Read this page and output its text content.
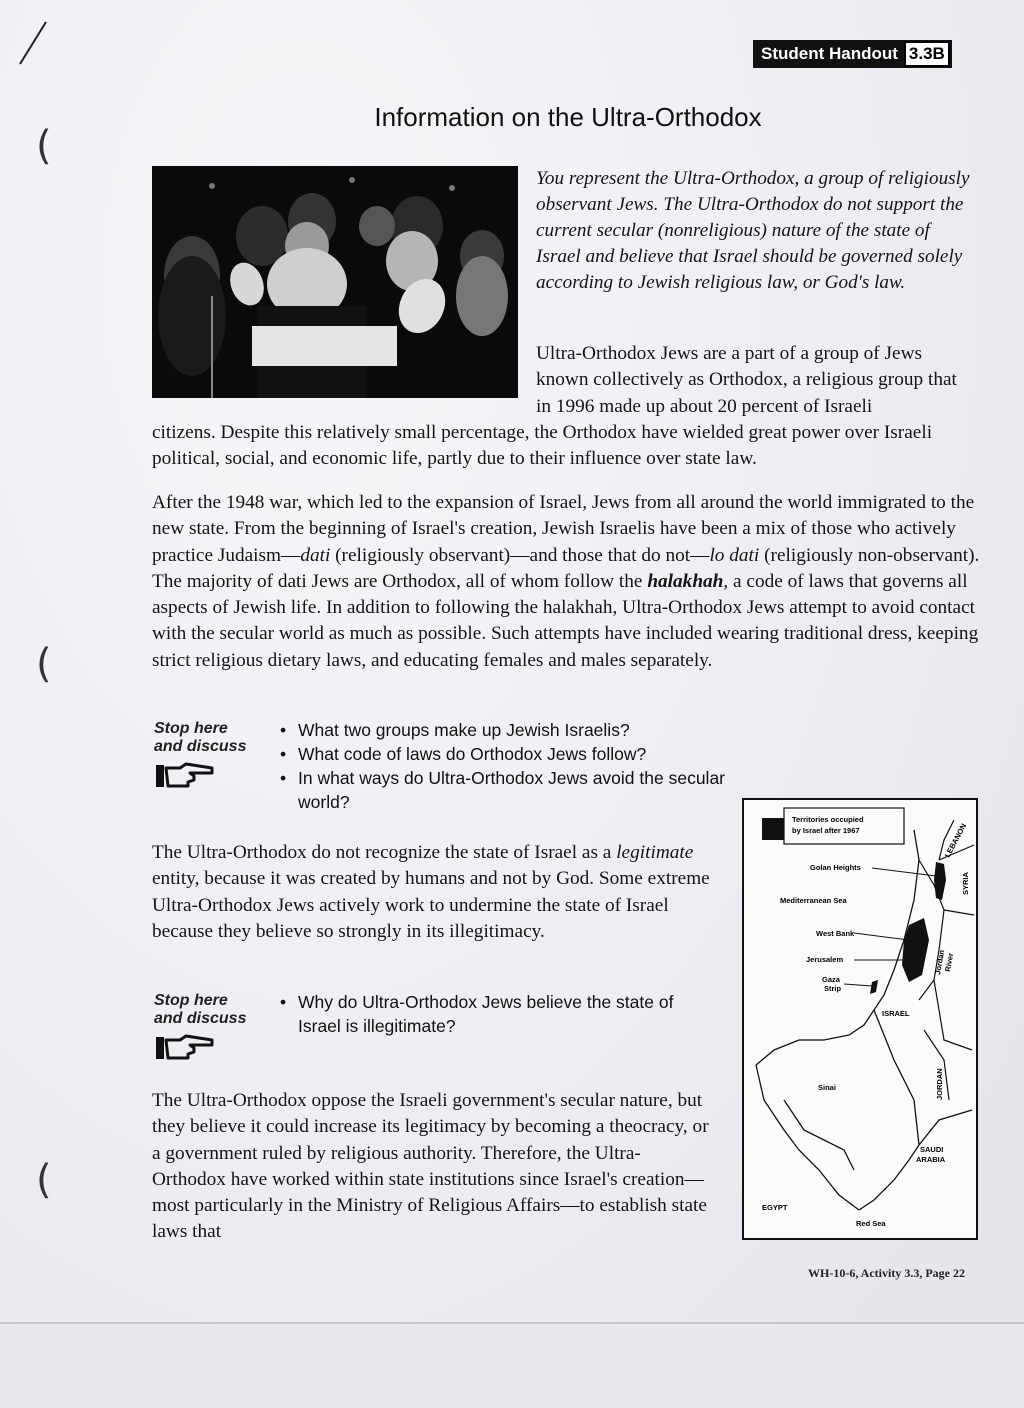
(
(
(
Student Handout 3.3B
Information on the Ultra-Orthodox
You represent the Ultra-Orthodox, a group of religiously observant Jews. The Ultra-Orthodox do not support the current secular (nonreligious) nature of the state of Israel and believe that Israel should be governed solely according to Jewish religious law, or God's law.
Ultra-Orthodox Jews are a part of a group of Jews known collectively as Orthodox, a religious group that in 1996 made up about 20 percent of Israeli
citizens. Despite this relatively small percentage, the Orthodox have wielded great power over Israeli political, social, and economic life, partly due to their influence over state law.
After the 1948 war, which led to the expansion of Israel, Jews from all around the world immigrated to the new state. From the beginning of Israel's creation, Jewish Israelis have been a mix of those who actively practice Judaism—dati (religiously observant)—and those that do not—lo dati (religiously non-observant). The majority of dati Jews are Orthodox, all of whom follow the halakhah, a code of laws that governs all aspects of Jewish life. In addition to following the halakhah, Ultra-Orthodox Jews attempt to avoid contact with the secular world as much as possible. Such attempts have included wearing traditional dress, keeping strict religious dietary laws, and educating females and males separately.
Stop here
and discuss
• What two groups make up Jewish Israelis?
• What code of laws do Orthodox Jews follow?
• In what ways do Ultra-Orthodox Jews avoid the secular world?
The Ultra-Orthodox do not recognize the state of Israel as a legitimate entity, because it was created by humans and not by God. Some extreme Ultra-Orthodox Jews actively work to undermine the state of Israel because they believe so strongly in its illegitimacy.
Stop here
and discuss
• Why do Ultra-Orthodox Jews believe the state of Israel is illegitimate?
The Ultra-Orthodox oppose the Israeli government's secular nature, but they believe it could increase its legitimacy by becoming a theocracy, or a government ruled by religious authority. Therefore, the Ultra-Orthodox have worked within state institutions since Israel's creation—most particularly in the Ministry of Religious Affairs—to establish state laws that
Territories occupied
by Israel after 1967	LEBANON
SYRIA
Golan Heights
Mediterranean Sea
West Bank
Jerusalem	Jordan
River
Gaza
Strip
ISRAEL
JORDAN
Sinai
SAUDI
ARABIA
EGYPT
Red Sea
WH-10-6, Activity 3.3, Page 22
